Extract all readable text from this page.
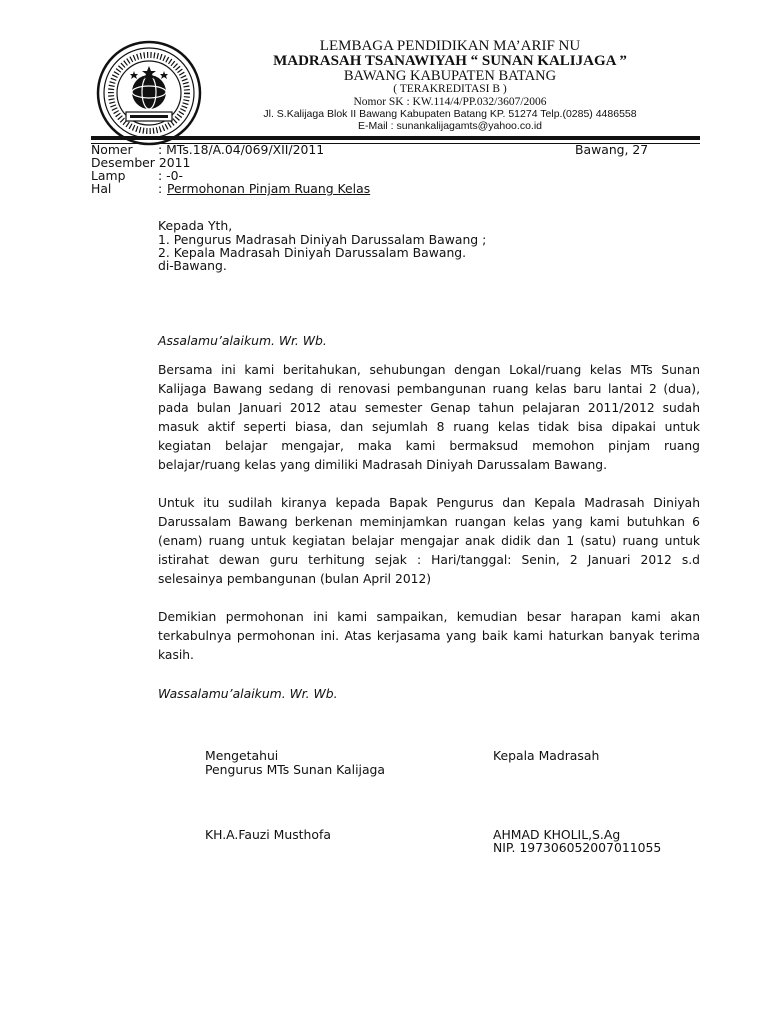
LEMBAGA PENDIDIKAN MA’ARIF NU
MADRASAH TSANAWIYAH “ SUNAN KALIJAGA ”
BAWANG KABUPATEN BATANG
( TERAKREDITASI B )
Nomor SK : KW.114/4/PP.032/3607/2006
Jl. S.Kalijaga Blok II Bawang Kabupaten Batang KP. 51274 Telp.(0285) 4486558
E-Mail : sunankalijagamts@yahoo.co.id
Nomer : MTs.18/A.04/069/XII/2011	Bawang, 27
Desember 2011
Lamp	: -0-
Hal	: Permohonan Pinjam Ruang Kelas
Kepada Yth,
1. Pengurus Madrasah Diniyah Darussalam Bawang ;
2. Kepala Madrasah Diniyah Darussalam Bawang.
di-Bawang.
Assalamu’alaikum. Wr. Wb.
Bersama ini kami beritahukan, sehubungan dengan Lokal/ruang kelas MTs Sunan
Kalijaga Bawang sedang di renovasi pembangunan ruang kelas baru lantai 2 (dua),
pada bulan Januari 2012 atau semester Genap tahun pelajaran 2011/2012 sudah
masuk aktif seperti biasa, dan sejumlah 8 ruang kelas tidak bisa dipakai untuk
kegiatan belajar mengajar, maka kami bermaksud memohon pinjam ruang
belajar/ruang kelas yang dimiliki Madrasah Diniyah Darussalam Bawang.
Untuk itu sudilah kiranya kepada Bapak Pengurus dan Kepala Madrasah Diniyah
Darussalam Bawang berkenan meminjamkan ruangan kelas yang kami butuhkan 6
(enam) ruang untuk kegiatan belajar mengajar anak didik dan 1 (satu) ruang untuk
istirahat dewan guru terhitung sejak : Hari/tanggal: Senin, 2 Januari 2012 s.d
selesainya pembangunan (bulan April 2012)
Demikian permohonan ini kami sampaikan, kemudian besar harapan kami akan
terkabulnya permohonan ini. Atas kerjasama yang baik kami haturkan banyak terima
kasih.
Wassalamu’alaikum. Wr. Wb.
Mengetahui
Pengurus MTs Sunan Kalijaga
KH.A.Fauzi Musthofa
Kepala Madrasah
AHMAD KHOLIL,S.Ag
NIP. 197306052007011055
